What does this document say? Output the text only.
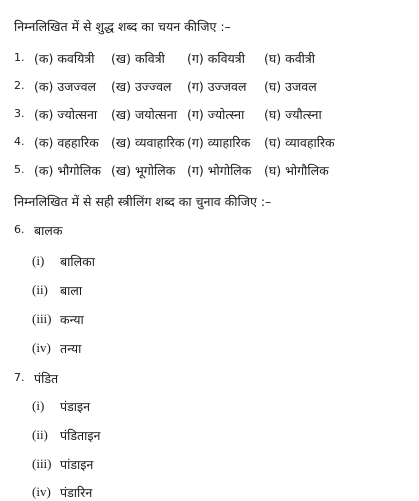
निम्नलिखित में से शुद्ध शब्द का चयन कीजिए :–
1. (क) कवयित्री (ख) कवित्री (ग) कवियत्री (घ) कवीत्री
2. (क) उजज्वल (ख) उज्ज्वल (ग) उज्जवल (घ) उजवल
3. (क) ज्योत्सना (ख) जयोत्सना (ग) ज्योत्स्ना (घ) ज्यौत्स्ना
4. (क) वहहारिक (ख) व्यवाहारिक (ग) व्याहारिक (घ) व्यावहारिक
5. (क) भौगोलिक (ख) भूगोलिक (ग) भोगोलिक (घ) भोगौलिक
निम्नलिखित में से सही स्त्रीलिंग शब्द का चुनाव कीजिए :–
6. बालक
(i) बालिका
(ii) बाला
(iii) कन्या
(iv) तन्या
7. पंडित
(i) पंडाइन
(ii) पंडिताइन
(iii) पांडाइन
(iv) पंडारिन
